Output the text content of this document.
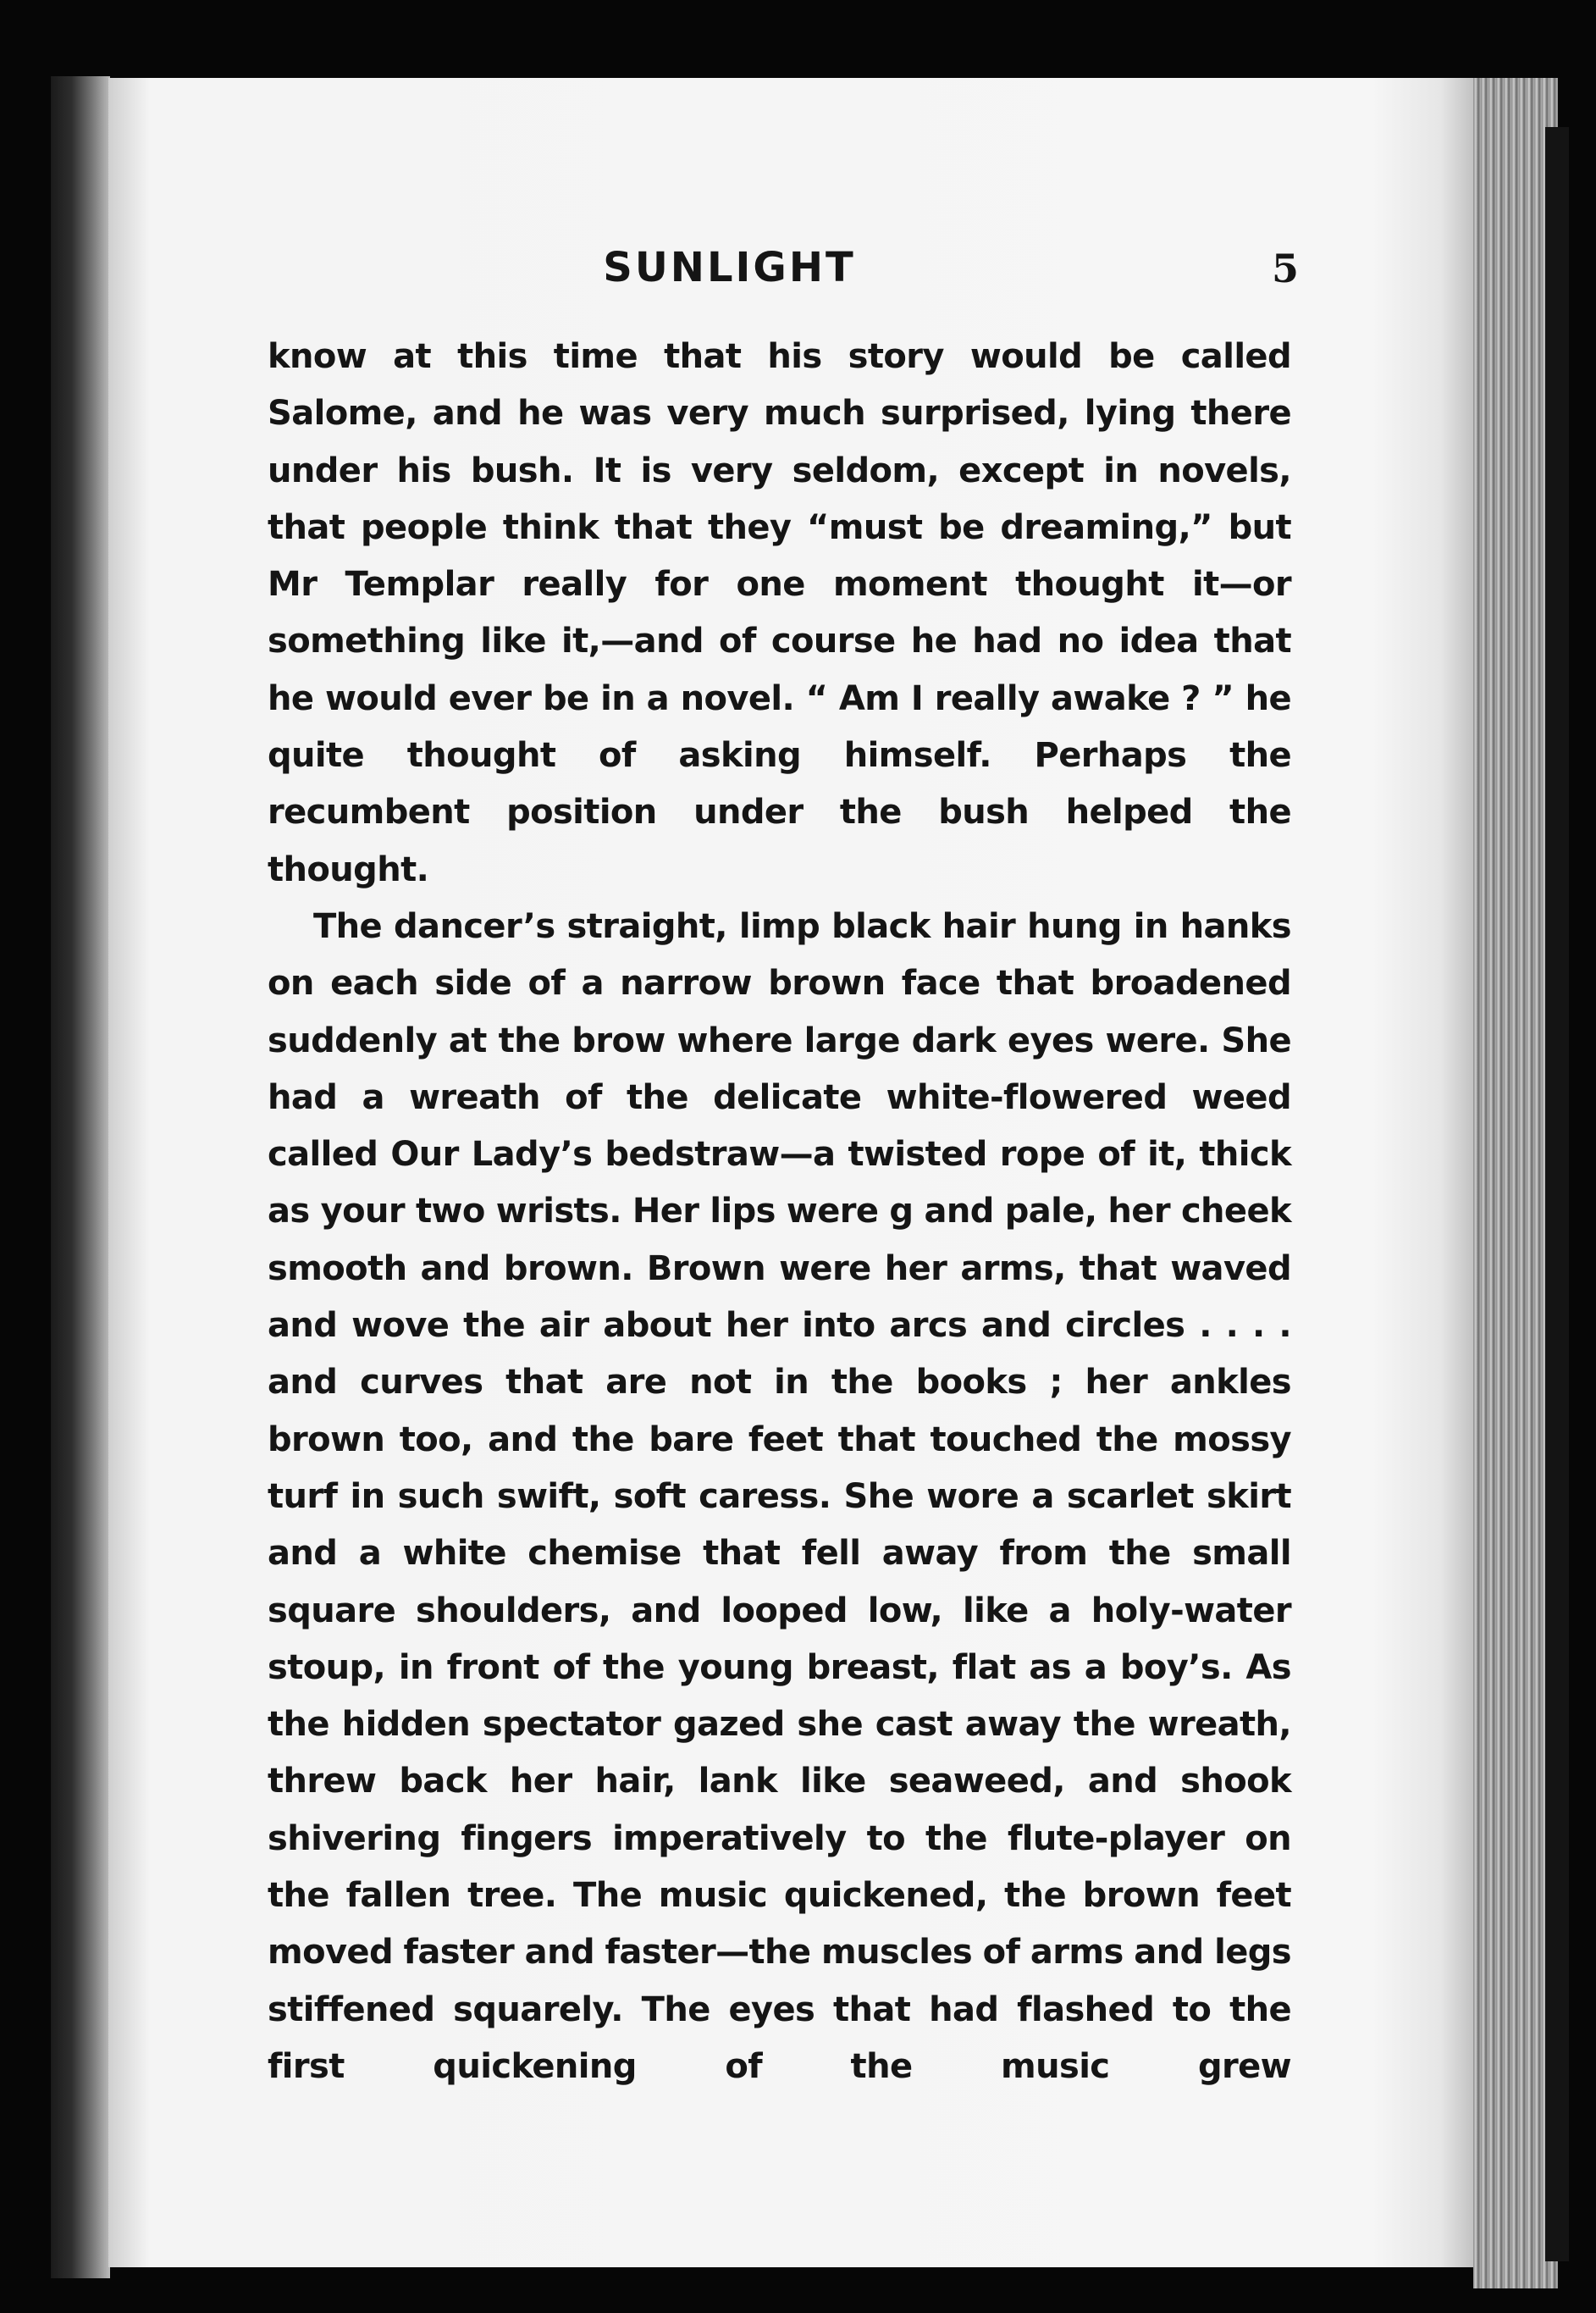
SUNLIGHT	5

know at this time that his story would be called Salome, and he was very much surprised, lying there under his bush. It is very seldom, except in novels, that people think that they “must be dreaming,” but Mr Templar really for one moment thought it—or something like it,—and of course he had no idea that he would ever be in a novel. “ Am I really awake ? ” he quite thought of asking himself. Perhaps the recumbent position under the bush helped the thought.

The dancer’s straight, limp black hair hung in hanks on each side of a narrow brown face that broadened suddenly at the brow where large dark eyes were. She had a wreath of the delicate white-flowered weed called Our Lady’s bedstraw—a twisted rope of it, thick as your two wrists. Her lips were g and pale, her cheek smooth and brown. Brown were her arms, that waved and wove the air about her into arcs and circles . . . . and curves that are not in the books ; her ankles brown too, and the bare feet that touched the mossy turf in such swift, soft caress. She wore a scarlet skirt and a white chemise that fell away from the small square shoulders, and looped low, like a holy-water stoup, in front of the young breast, flat as a boy’s. As the hidden spectator gazed she cast away the wreath, threw back her hair, lank like seaweed, and shook shivering fingers imperatively to the flute-player on the fallen tree. The music quickened, the brown feet moved faster and faster—the muscles of arms and legs stiffened squarely. The eyes that had flashed to the first quickening of the music grew
